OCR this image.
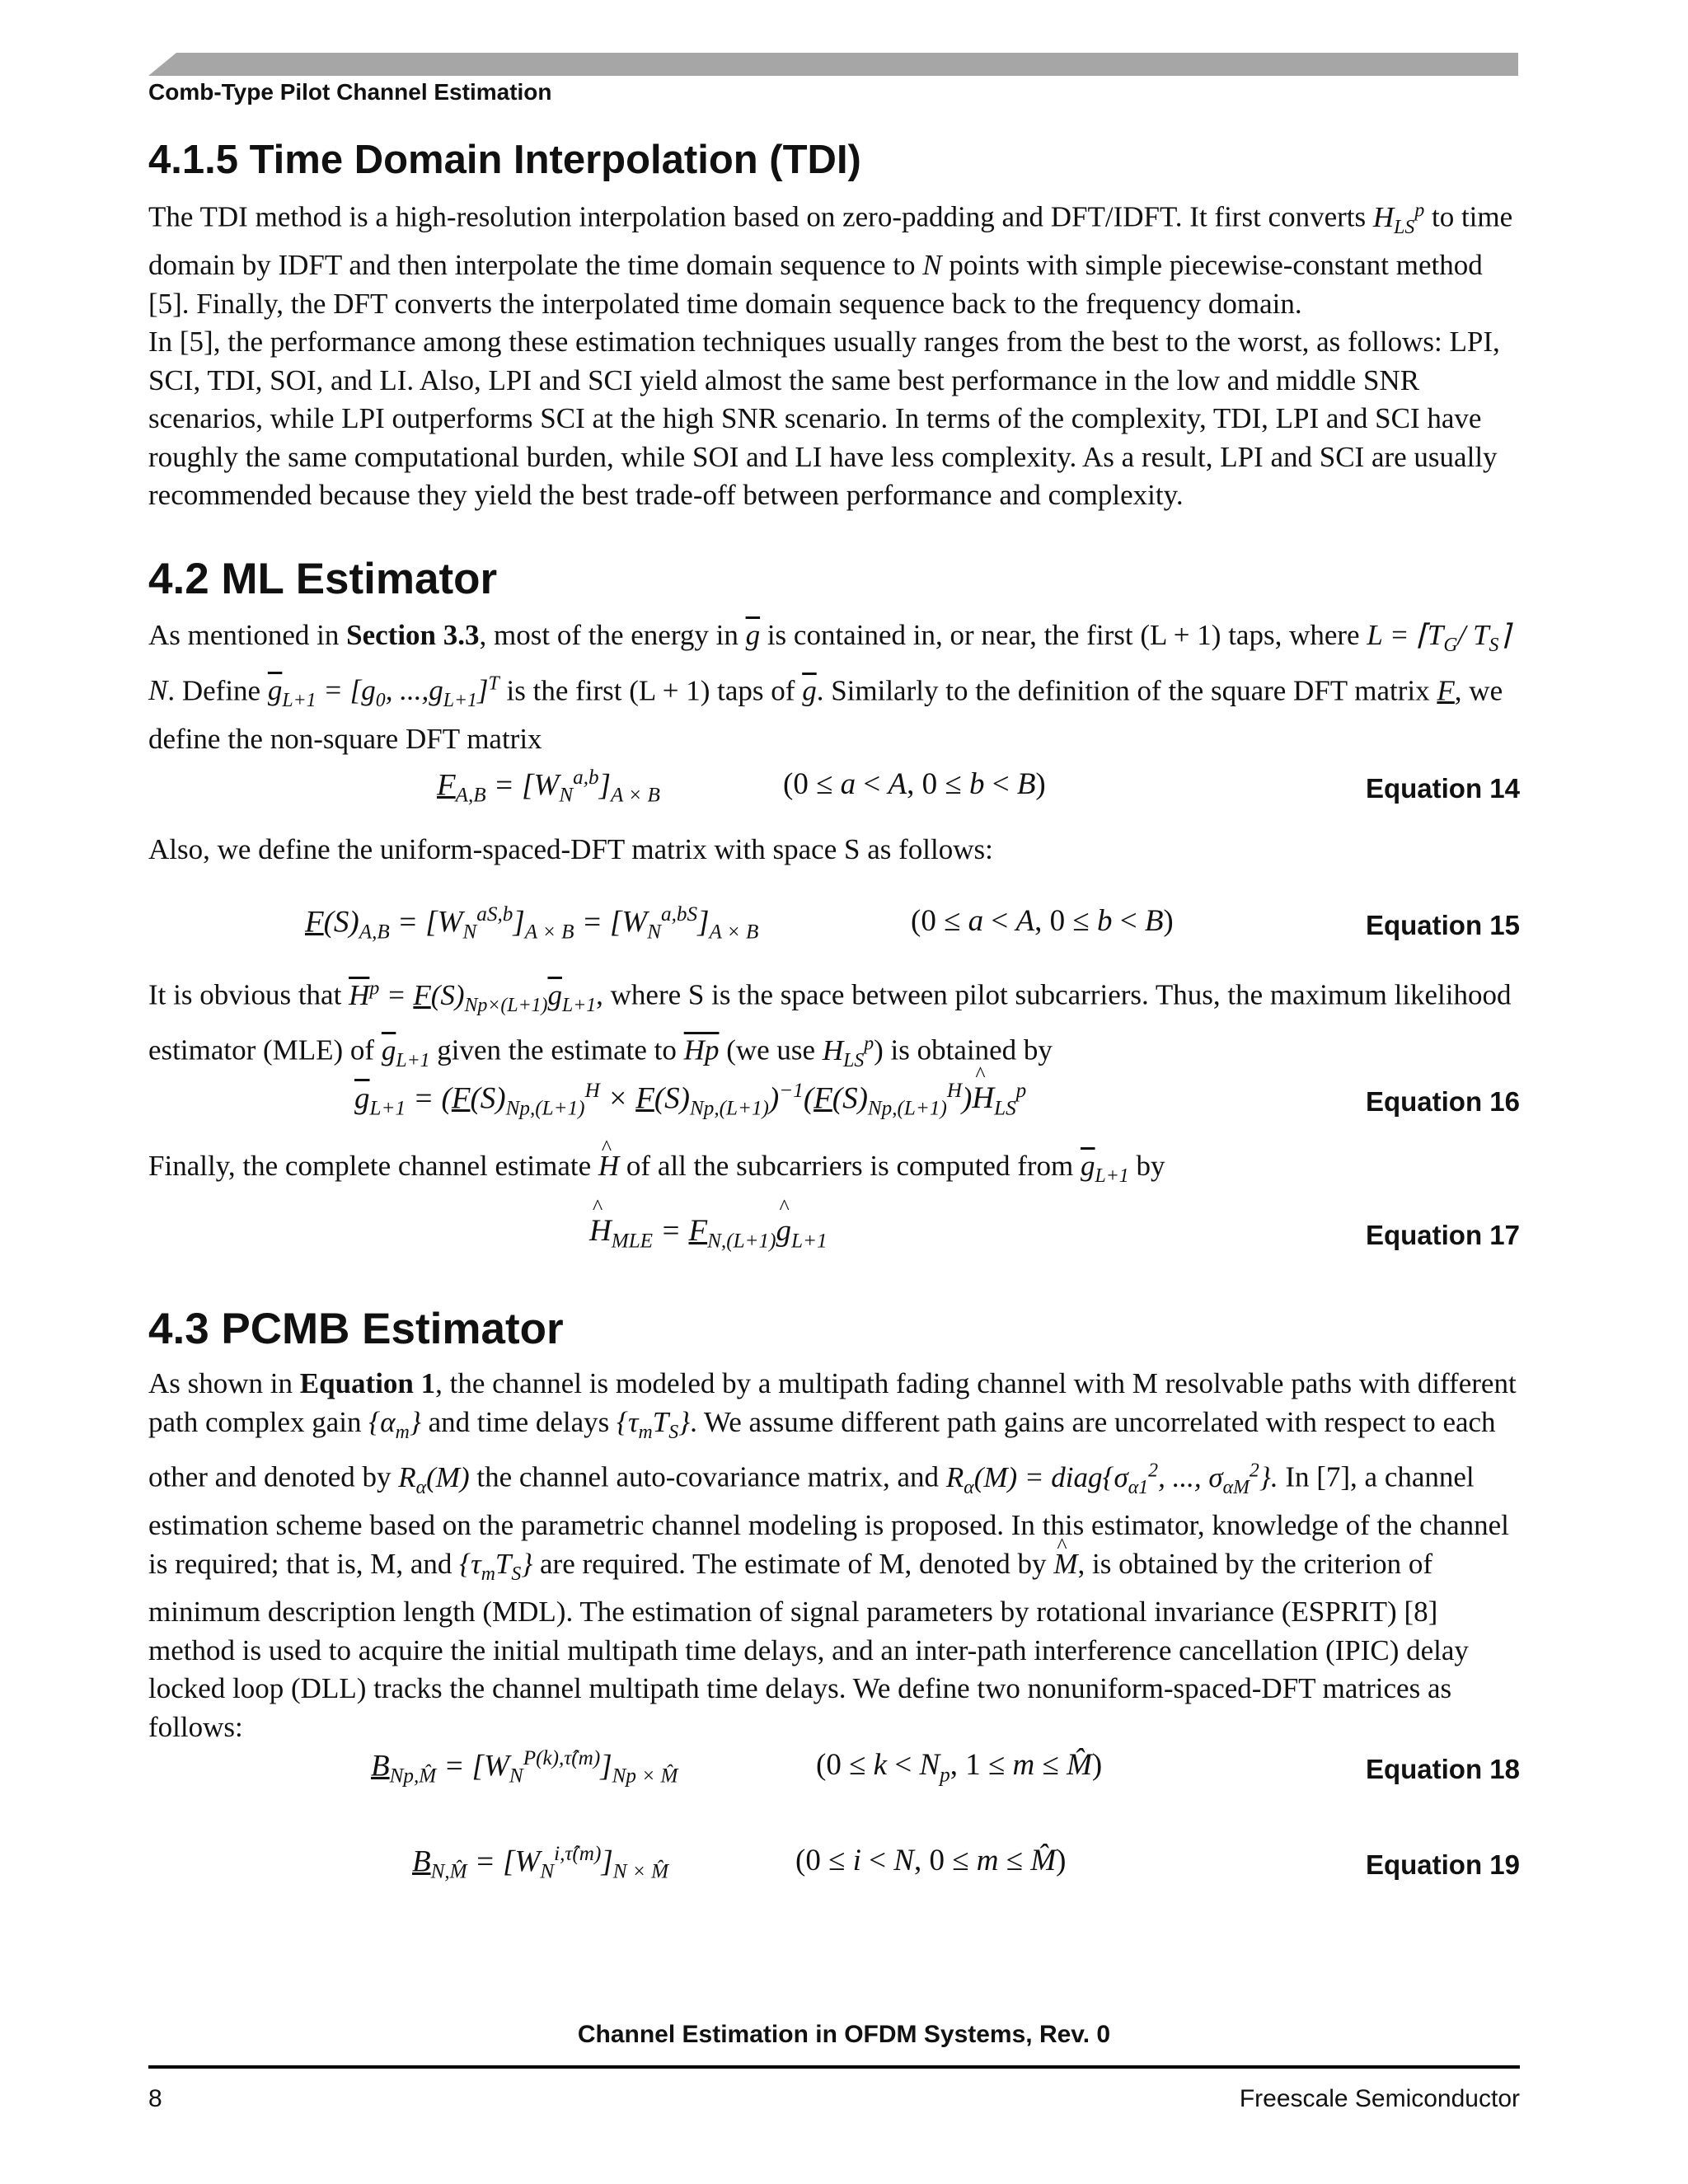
Comb-Type Pilot Channel Estimation
4.1.5 Time Domain Interpolation (TDI)

The TDI method is a high-resolution interpolation based on zero-padding and DFT/IDFT. It first converts $H_{LS}^p$ to time domain by IDFT and then interpolate the time domain sequence to N points with simple piecewise-constant method [5]. Finally, the DFT converts the interpolated time domain sequence back to the frequency domain.

In [5], the performance among these estimation techniques usually ranges from the best to the worst, as follows: LPI, SCI, TDI, SOI, and LI. Also, LPI and SCI yield almost the same best performance in the low and middle SNR scenarios, while LPI outperforms SCI at the high SNR scenario. In terms of the complexity, TDI, LPI and SCI have roughly the same computational burden, while SOI and LI have less complexity. As a result, LPI and SCI are usually recommended because they yield the best trade-off between performance and complexity.

4.2 ML Estimator

As mentioned in Section 3.3, most of the energy in $\overline{g}$ is contained in, or near, the first (L + 1) taps, where $L = ⌈T_G/$ $T_S⌉N$. Define $\overline{g}_{L+1} = [g_0$, $...,g_{L+1}]^T$ is the first (L + 1) taps of $\overline{g}$. Similarly to the definition of the square DFT matrix F, we define the non-square DFT matrix

$F_{A,B} = [W_N^{a,b}]_{A \times B}$	(0 ≤ a < A, 0 ≤ b < B)	Equation 14

Also, we define the uniform-spaced-DFT matrix with space S as follows:

$F(S)_{A,B} = [W_N^{aS,b}]_{A \times B} = [W_N^{a,bS}]_{A \times B}$	(0 ≤ a < A, 0 ≤ b < B)	Equation 15

It is obvious that $\overline{H}^p = F(S)_{Np\times(L+1)}\overline{g}_{L+1}$, where S is the space between pilot subcarriers. Thus, the maximum likelihood estimator (MLE) of $\overline{g}_{L+1}$ given the estimate to $\overline{Hp}$ (we use $H_{LS}^p$) is obtained by

$\overline{g}_{L+1} = (F(S)_{Np,(L+1)}^H$ × $F(S)_{Np,(L+1)})^{-1}(F(S)_{Np,(L+1)}^H)\^{}$ $H_{LS}^p$	Equation 16

Finally, the complete channel estimate ^ H of all the subcarriers is computed from $\overline{g}_{L+1}$ by

^ $H_{MLE}$ = $F_{N,(L+1)}\^{}$ $g_{L+1}$	Equation 17
4.3 PCMB Estimator

As shown in Equation 1, the channel is modeled by a multipath fading channel with M resolvable paths with different path complex gain $\{\alpha_m\}$ and time delays $\{\tau_mT_S\}$. We assume different path gains are uncorrelated with respect to each other and denoted by $R_\alpha(M)$ the channel auto-covariance matrix, and $R_\alpha(M)$ = $diag\{\sigma_{\alpha 1}^2$, ..., $\sigma_{\alpha M}^2$}. In [7], a channel estimation scheme based on the parametric channel modeling is proposed. In this estimator, knowledge of the channel is required; that is, M, and $\{\tau_mT_S\}$ are required. The estimate of M, denoted by ^ M, is obtained by the criterion of minimum description length (MDL). The estimation of signal parameters by rotational invariance (ESPRIT) [8] method is used to acquire the initial multipath time delays, and an inter-path interference cancellation (IPIC) delay locked loop (DLL) tracks the channel multipath time delays. We define two nonuniform-spaced-DFT matrices as follows:

$B_{Np,M̂} = [W_N^{P(k),\taû(m)}]_{Np \times M̂}$	($0 \le k < N_p$, 1 ≤ m ≤ M̂)	Equation 18
$B_{N,M̂} = [W_N^{i,\taû(m)}]_{N \times M̂}$	(0 ≤ i < N, 0 ≤ m ≤ M̂)	Equation 19
Channel Estimation in OFDM Systems, Rev. 0
8	Freescale Semiconductor
